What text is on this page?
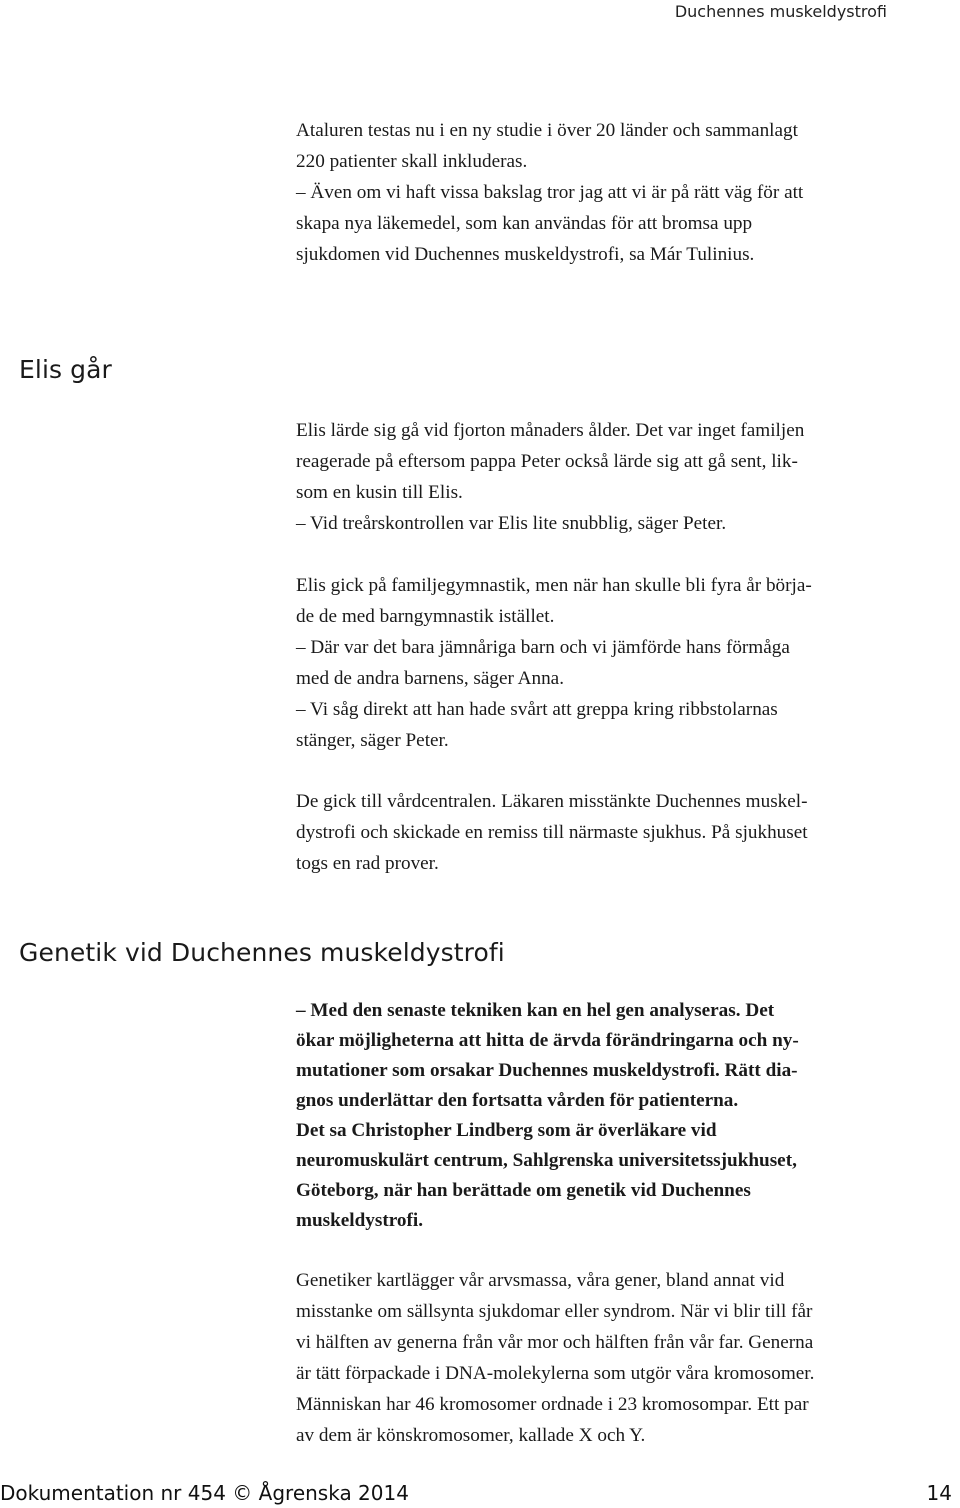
Duchennes muskeldystrofi

Ataluren testas nu i en ny studie i över 20 länder och sammanlagt

220 patienter skall inkluderas.

– Även om vi haft vissa bakslag tror jag att vi är på rätt väg för att

skapa nya läkemedel, som kan användas för att bromsa upp

sjukdomen vid Duchennes muskeldystrofi, sa Már Tulinius.

Elis går

Elis lärde sig gå vid fjorton månaders ålder. Det var inget familjen

reagerade på eftersom pappa Peter också lärde sig att gå sent, lik-

som en kusin till Elis.

– Vid treårskontrollen var Elis lite snubblig, säger Peter.

Elis gick på familjegymnastik, men när han skulle bli fyra år börja-

de de med barngymnastik istället.

– Där var det bara jämnåriga barn och vi jämförde hans förmåga

med de andra barnens, säger Anna.

– Vi såg direkt att han hade svårt att greppa kring ribbstolarnas

stänger, säger Peter.

De gick till vårdcentralen. Läkaren misstänkte Duchennes muskel-

dystrofi och skickade en remiss till närmaste sjukhus. På sjukhuset

togs en rad prover.

Genetik vid Duchennes muskeldystrofi

– Med den senaste tekniken kan en hel gen analyseras. Det

ökar möjligheterna att hitta de ärvda förändringarna och ny-

mutationer som orsakar Duchennes muskeldystrofi. Rätt dia-

gnos underlättar den fortsatta vården för patienterna.

Det sa Christopher Lindberg som är överläkare vid

neuromuskulärt centrum, Sahlgrenska universitetssjukhuset,

Göteborg, när han berättade om genetik vid Duchennes

muskeldystrofi.

Genetiker kartlägger vår arvsmassa, våra gener, bland annat vid

misstanke om sällsynta sjukdomar eller syndrom. När vi blir till får

vi hälften av generna från vår mor och hälften från vår far. Generna

är tätt förpackade i DNA-molekylerna som utgör våra kromosomer.

Människan har 46 kromosomer ordnade i 23 kromosompar. Ett par

av dem är könskromosomer, kallade X och Y.

Dokumentation nr 454 © Ågrenska 2014	14
